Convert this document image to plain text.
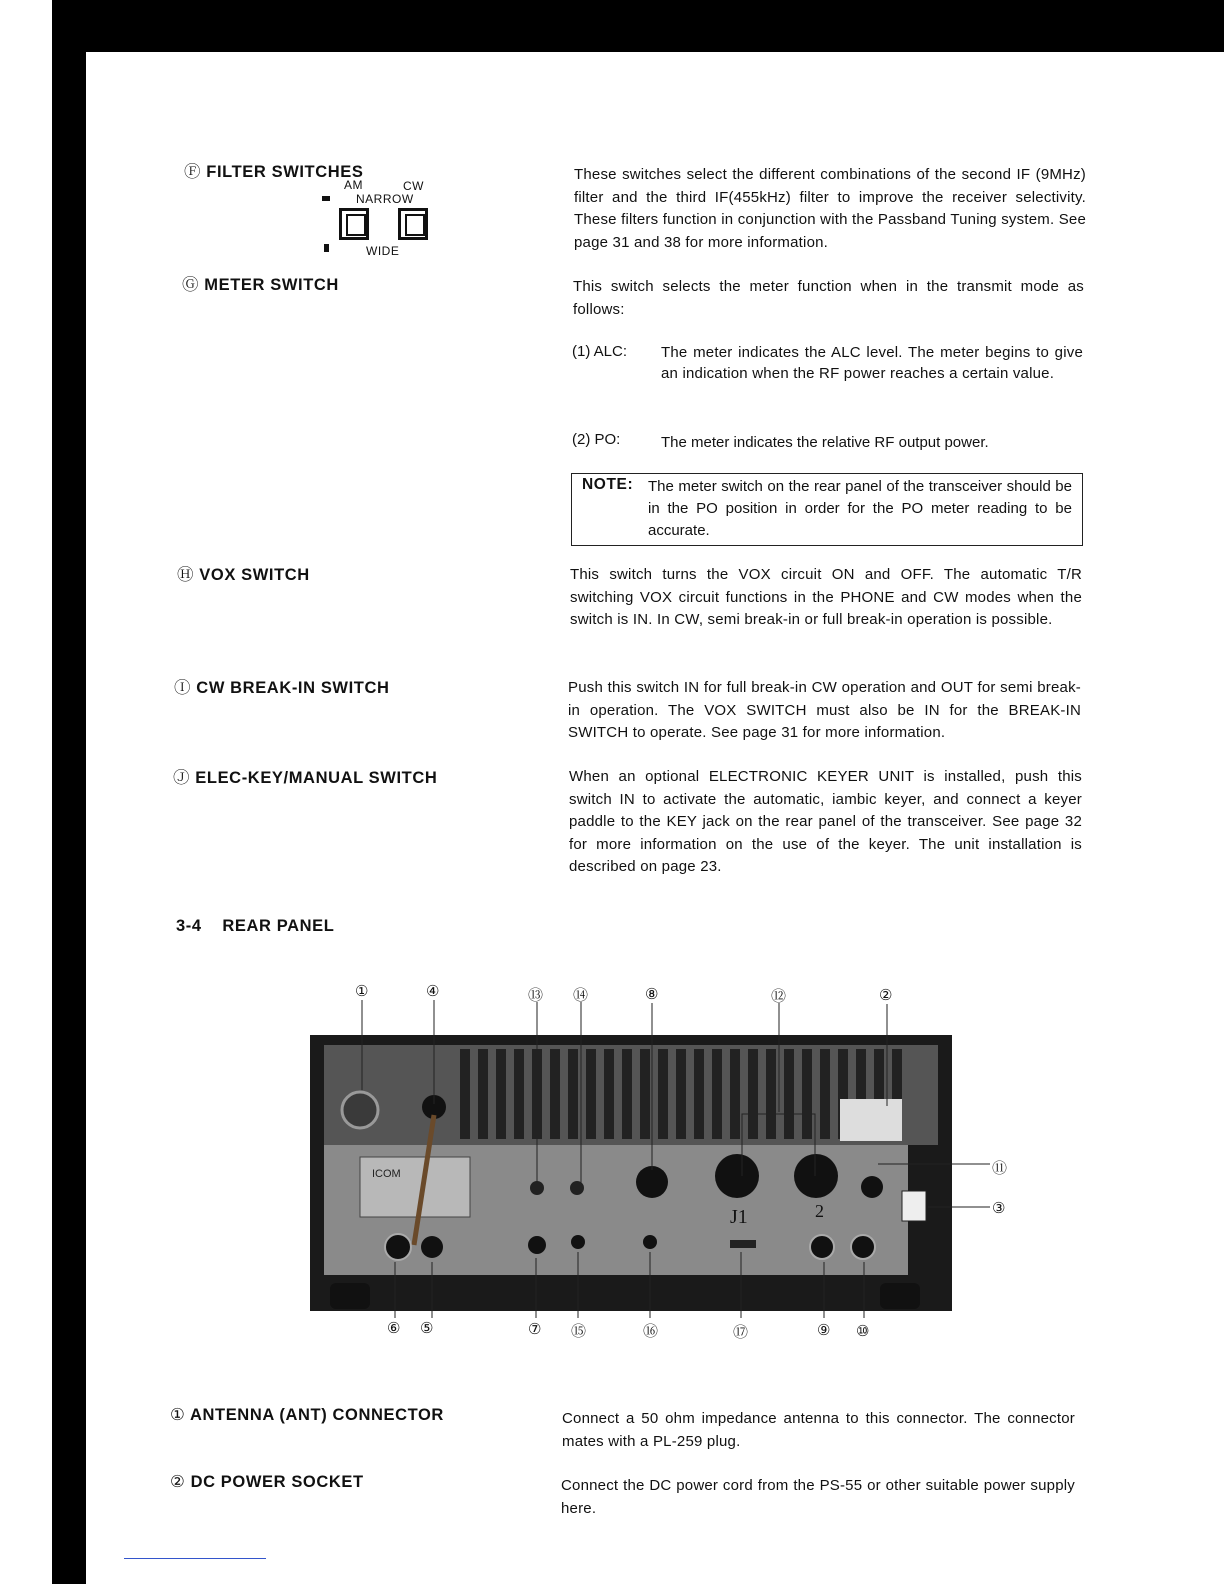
Ⓕ FILTER SWITCHES
AM	CW
NARROW
WIDE
These switches select the different combinations of the second IF (9MHz) filter and the third IF(455kHz) filter to improve the receiver selectivity. These filters function in conjunction with the Passband Tuning system. See page 31 and 38 for more information.
Ⓖ METER SWITCH	This switch selects the meter function when in the transmit mode as follows:
(1) ALC: The meter indicates the ALC level. The meter begins to give an indication when the RF power reaches a certain value.
(2) PO:	The meter indicates the relative RF output power.
NOTE: The meter switch on the rear panel of the transceiver should be in the PO position in order for the PO meter reading to be accurate.
Ⓗ VOX SWITCH	This switch turns the VOX circuit ON and OFF. The automatic T/R switching VOX circuit functions in the PHONE and CW modes when the switch is IN. In CW, semi break-in or full break-in operation is possible.
Ⓘ CW BREAK-IN SWITCH	Push this switch IN for full break-in CW operation and OUT for semi break-in operation. The VOX SWITCH must also be IN for the BREAK-IN SWITCH to operate. See page 31 for more information.
Ⓙ ELEC-KEY/MANUAL SWITCH	When an optional ELECTRONIC KEYER UNIT is installed, push this switch IN to activate the automatic, iambic keyer, and connect a keyer paddle to the KEY jack on the rear panel of the transceiver. See page 32 for more information on the use of the keyer. The unit installation is described on page 23.
3-4 REAR PANEL
①	④	⑬ ⑭	⑧	⑫	②
⑪
③
⑥ ⑤	⑦ ⑮	⑯	⑰	⑨ ⑩
ICOM
J1	2
① ANTENNA (ANT) CONNECTOR	Connect a 50 ohm impedance antenna to this connector. The connector mates with a PL-259 plug.
② DC POWER SOCKET	Connect the DC power cord from the PS-55 or other suitable power supply here.
